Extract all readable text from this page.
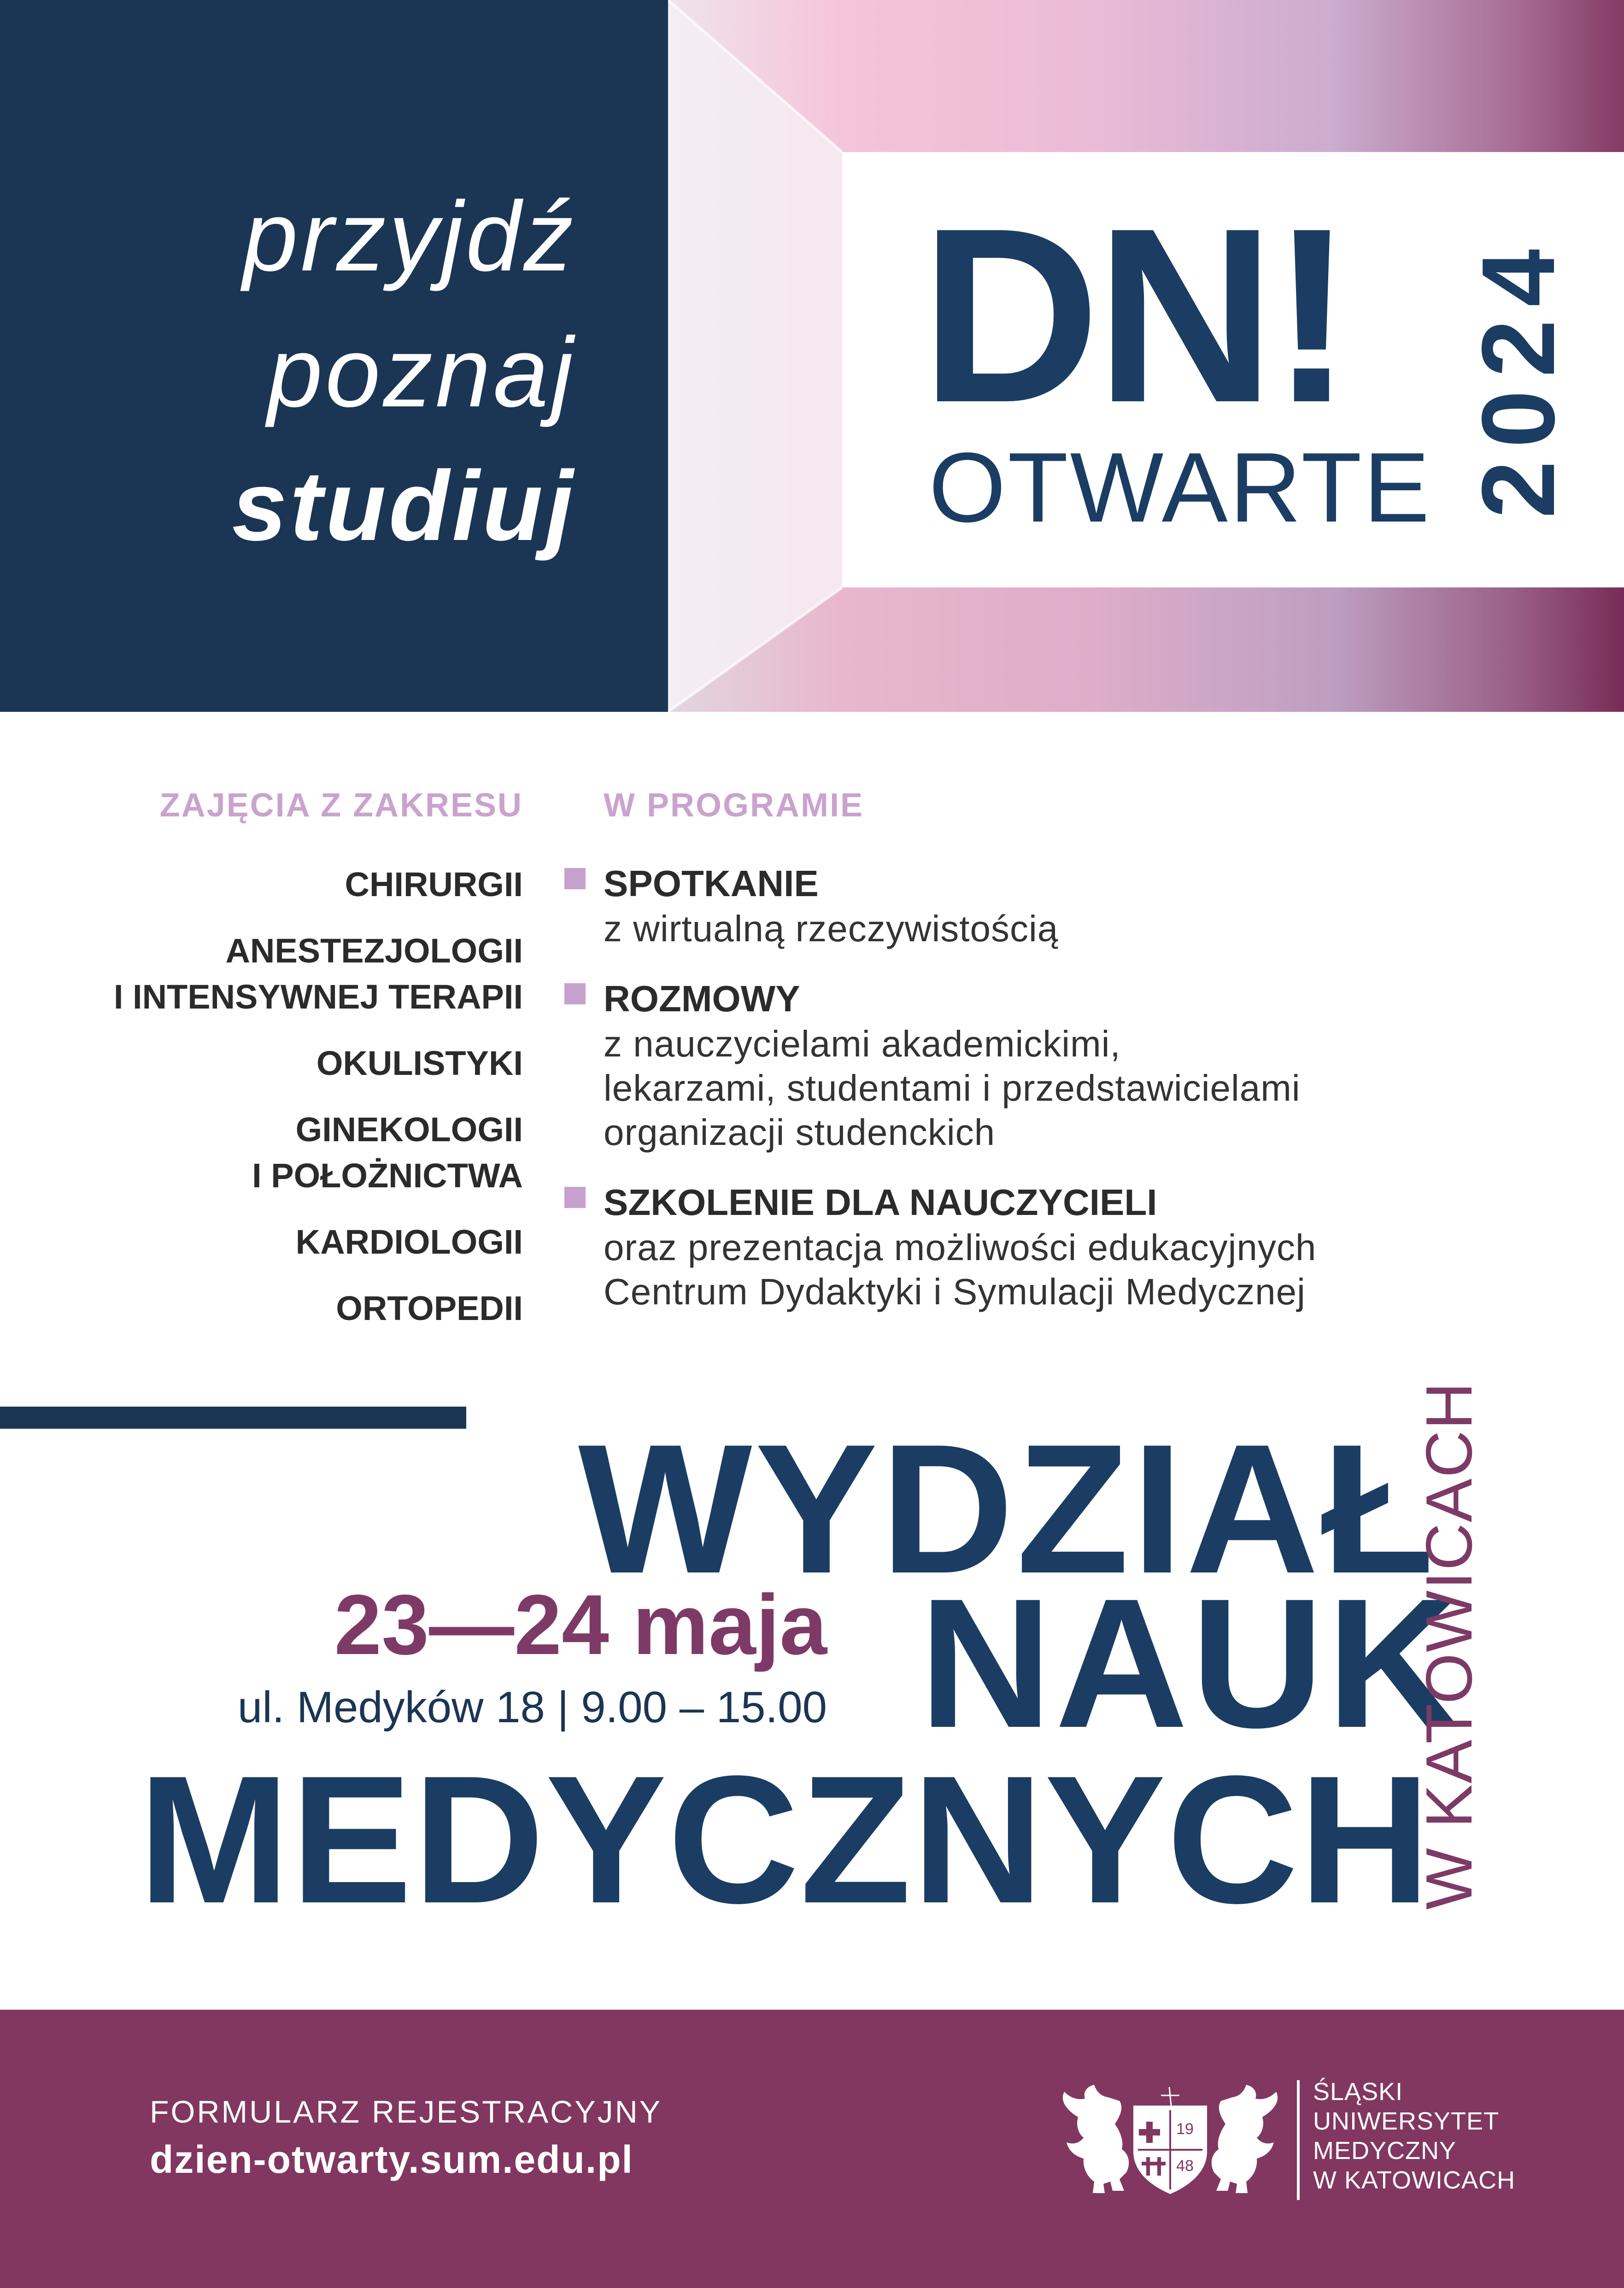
przyjdź
poznaj
studiuj
DN!
OTWARTE 2024
ZAJĘCIA Z ZAKRESU W PROGRAMIE
CHIRURGII
ANESTEZJOLOGII
I INTENSYWNEJ TERAPII
OKULISTYKI
GINEKOLOGII
I POŁOŻNICTWA
KARDIOLOGII
ORTOPEDII
SPOTKANIE
z wirtualną rzeczywistością
ROZMOWY
z nauczycielami akademickimi,
lekarzami, studentami i przedstawicielami
organizacji studenckich
SZKOLENIE DLA NAUCZYCIELI
oraz prezentacja możliwości edukacyjnych
Centrum Dydaktyki i Symulacji Medycznej
WYDZIAŁ
NAUK
MEDYCZNYCH
23—24 maja
ul. Medyków 18 | 9.00 – 15.00	W KATOWICACH
FORMULARZ REJESTRACYJNY
dzien-otwarty.sum.edu.pl
19
48
ŚLĄSKI
UNIWERSYTET
MEDYCZNY
W KATOWICACH
